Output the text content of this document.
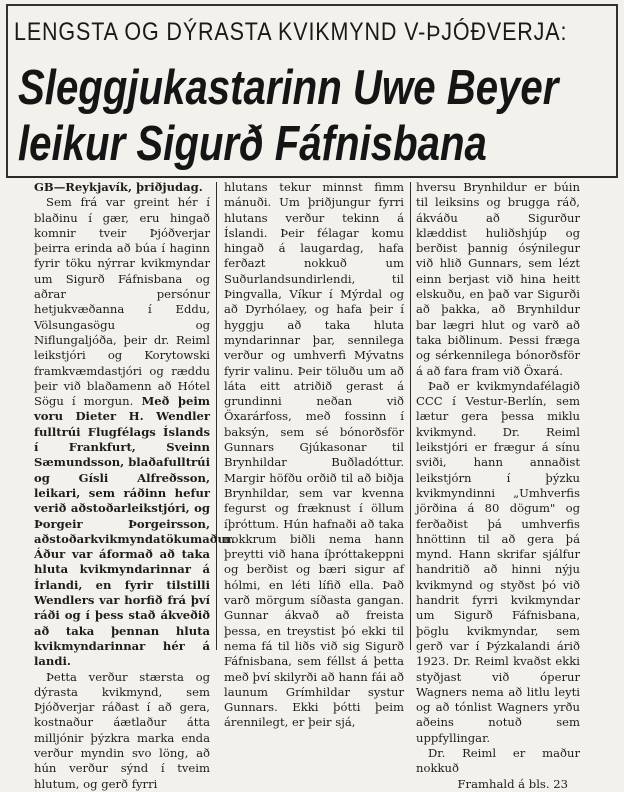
LENGSTA OG DÝRASTA KVIKMYND V-ÞJÓÐVERJA:
Sleggjukastarinn Uwe Beyer
leikur Sigurð Fáfnisbana

GB—Reykjavík, þriðjudag.

Sem frá var greint hér í blaðinu í gær, eru hingað komnir tveir Þjóðverjar þeirra erinda að búa í haginn fyrir töku nýrrar kvikmyndar um Sigurð Fáfnisbana og aðrar persónur hetjukvæðanna í Eddu, Völsungasögu og Niflungaljóða, þeir dr. Reiml leikstjóri og Korytowski framkvæmdastjóri og ræddu þeir við blaðamenn að Hótel Sögu í morgun. Með þeim voru Dieter H. Wendler fulltrúi Flugfélags Íslands í Frankfurt, Sveinn Sæmundsson, blaðafulltrúi og Gísli Alfreðsson, leikari, sem ráðinn hefur verið aðstoðarleikstjóri, og Þorgeir Þorgeirsson, aðstoðarkvikmyndatökumaður. Áður var áformað að taka hluta kvikmyndarinnar á Írlandi, en fyrir tilstilli Wendlers var horfið frá því ráði og í þess stað ákveðið að taka þennan hluta kvikmyndarinnar hér á landi.

Þetta verður stærsta og dýrasta kvikmynd, sem Þjóðverjar ráðast í að gera, kostnaður áætlaður átta milljónir þýzkra marka enda verður myndin svo löng, að hún verður sýnd í tveim hlutum, og gerð fyrri

hlutans tekur minnst fimm mánuði. Um þriðjungur fyrri hlutans verður tekinn á Íslandi. Þeir félagar komu hingað á laugardag, hafa ferðazt nokkuð um Suðurlandsundirlendi, til Þingvalla, Víkur í Mýrdal og að Dyrhólaey, og hafa þeir í hyggju að taka hluta myndarinnar þar, sennilega verður og umhverfi Mývatns fyrir valinu. Þeir töluðu um að láta eitt atriðið gerast á grundinni neðan við Öxarárfoss, með fossinn í baksýn, sem sé bónorðsför Gunnars Gjúkasonar til Brynhildar Buðladóttur. Margir höfðu orðið til að biðja Brynhildar, sem var kvenna fegurst og fræknust í öllum íþróttum. Hún hafnaði að taka nokkrum biðli nema hann þreytti við hana íþróttakeppni og berðist og bæri sigur af hólmi, en léti lífið ella. Það varð mörgum síðasta gangan. Gunnar ákvað að freista þessa, en treystist þó ekki til nema fá til liðs við sig Sigurð Fáfnisbana, sem féllst á þetta með því skilyrði að hann fái að launum Grímhildar systur Gunnars. Ekki þótti þeim árennilegt, er þeir sjá,

hversu Brynhildur er búin til leiksins og brugga ráð, ákváðu að Sigurður klæddist huliðshjúp og berðist þannig ósýnilegur við hlið Gunnars, sem lézt einn berjast við hina heitt elskuðu, en það var Sigurði að þakka, að Brynhildur bar lægri hlut og varð að taka biðlinum. Þessi fræga og sérkennilega bónorðsför á að fara fram við Öxará.

Það er kvikmyndafélagið CCC í Vestur-Berlín, sem lætur gera þessa miklu kvikmynd. Dr. Reiml leikstjóri er frægur á sínu sviði, hann annaðist leikstjórn í þýzku kvikmyndinni „Umhverfis jörðina á 80 dögum" og ferðaðist þá umhverfis hnöttinn til að gera þá mynd. Hann skrifar sjálfur handritið að hinni nýju kvikmynd og styðst þó við handrit fyrri kvikmyndar um Sigurð Fáfnisbana, þöglu kvikmyndar, sem gerð var í Þýzkalandi árið 1923. Dr. Reiml kvaðst ekki styðjast við óperur Wagners nema að litlu leyti og að tónlist Wagners yrðu aðeins notuð sem uppfyllingar.

Dr. Reiml er maður nokkuð

Framhald á bls. 23
